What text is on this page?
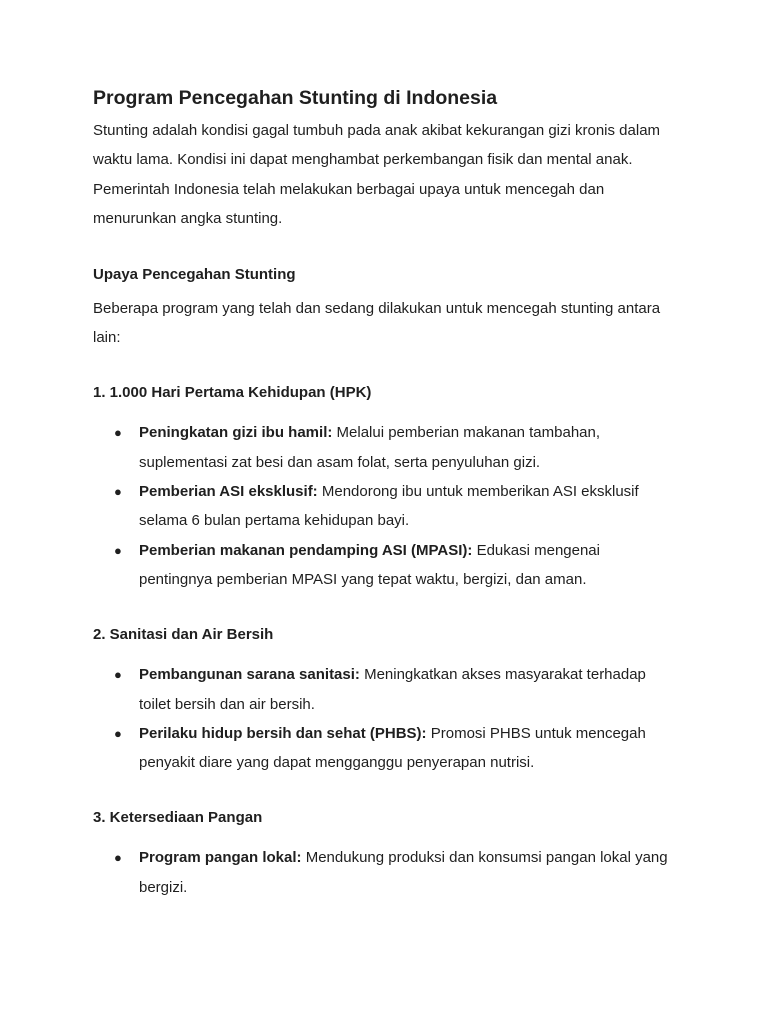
Program Pencegahan Stunting di Indonesia

Stunting adalah kondisi gagal tumbuh pada anak akibat kekurangan gizi kronis dalam waktu lama. Kondisi ini dapat menghambat perkembangan fisik dan mental anak. Pemerintah Indonesia telah melakukan berbagai upaya untuk mencegah dan menurunkan angka stunting.

Upaya Pencegahan Stunting

Beberapa program yang telah dan sedang dilakukan untuk mencegah stunting antara lain:

1. 1.000 Hari Pertama Kehidupan (HPK)
● Peningkatan gizi ibu hamil: Melalui pemberian makanan tambahan, suplementasi zat besi dan asam folat, serta penyuluhan gizi.
● Pemberian ASI eksklusif: Mendorong ibu untuk memberikan ASI eksklusif selama 6 bulan pertama kehidupan bayi.
● Pemberian makanan pendamping ASI (MPASI): Edukasi mengenai pentingnya pemberian MPASI yang tepat waktu, bergizi, dan aman.
2. Sanitasi dan Air Bersih
● Pembangunan sarana sanitasi: Meningkatkan akses masyarakat terhadap toilet bersih dan air bersih.
● Perilaku hidup bersih dan sehat (PHBS): Promosi PHBS untuk mencegah penyakit diare yang dapat mengganggu penyerapan nutrisi.
3. Ketersediaan Pangan
● Program pangan lokal: Mendukung produksi dan konsumsi pangan lokal yang bergizi.
